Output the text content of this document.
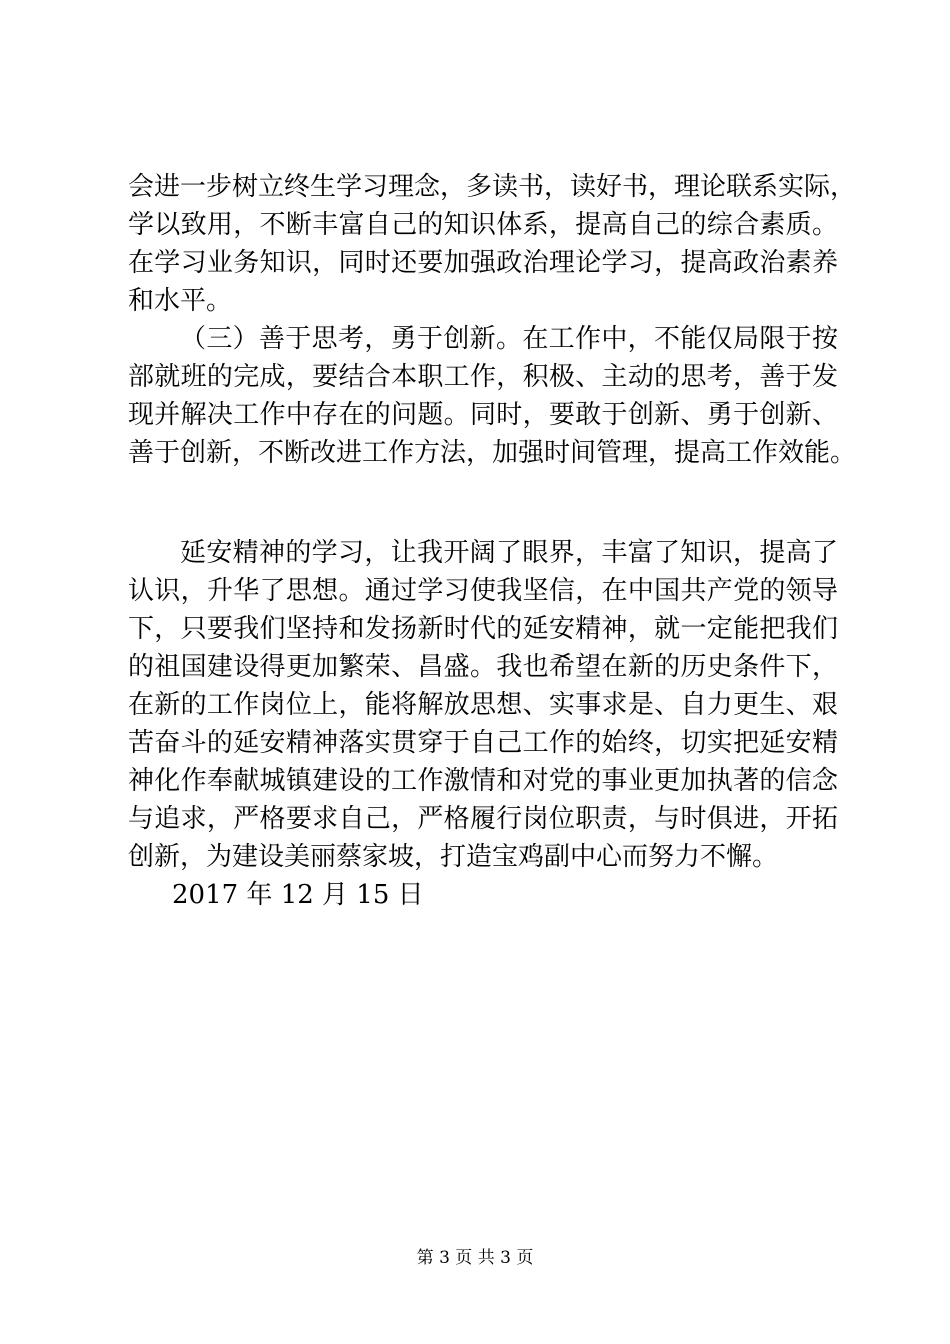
会进一步树立终生学习理念，多读书，读好书，理论联系实际，
学以致用，不断丰富自己的知识体系，提高自己的综合素质。
在学习业务知识，同时还要加强政治理论学习，提高政治素养
和水平。
（三）善于思考，勇于创新。在工作中，不能仅局限于按
部就班的完成，要结合本职工作，积极、主动的思考，善于发
现并解决工作中存在的问题。同时，要敢于创新、勇于创新、
善于创新，不断改进工作方法，加强时间管理，提高工作效能。
延安精神的学习，让我开阔了眼界，丰富了知识，提高了
认识，升华了思想。通过学习使我坚信，在中国共产党的领导
下，只要我们坚持和发扬新时代的延安精神，就一定能把我们
的祖国建设得更加繁荣、昌盛。我也希望在新的历史条件下，
在新的工作岗位上，能将解放思想、实事求是、自力更生、艰
苦奋斗的延安精神落实贯穿于自己工作的始终，切实把延安精
神化作奉献城镇建设的工作激情和对党的事业更加执著的信念
与追求，严格要求自己，严格履行岗位职责，与时俱进，开拓
创新，为建设美丽蔡家坡，打造宝鸡副中心而努力不懈。
2017 年 12 月 15 日
第 3 页 共 3 页
